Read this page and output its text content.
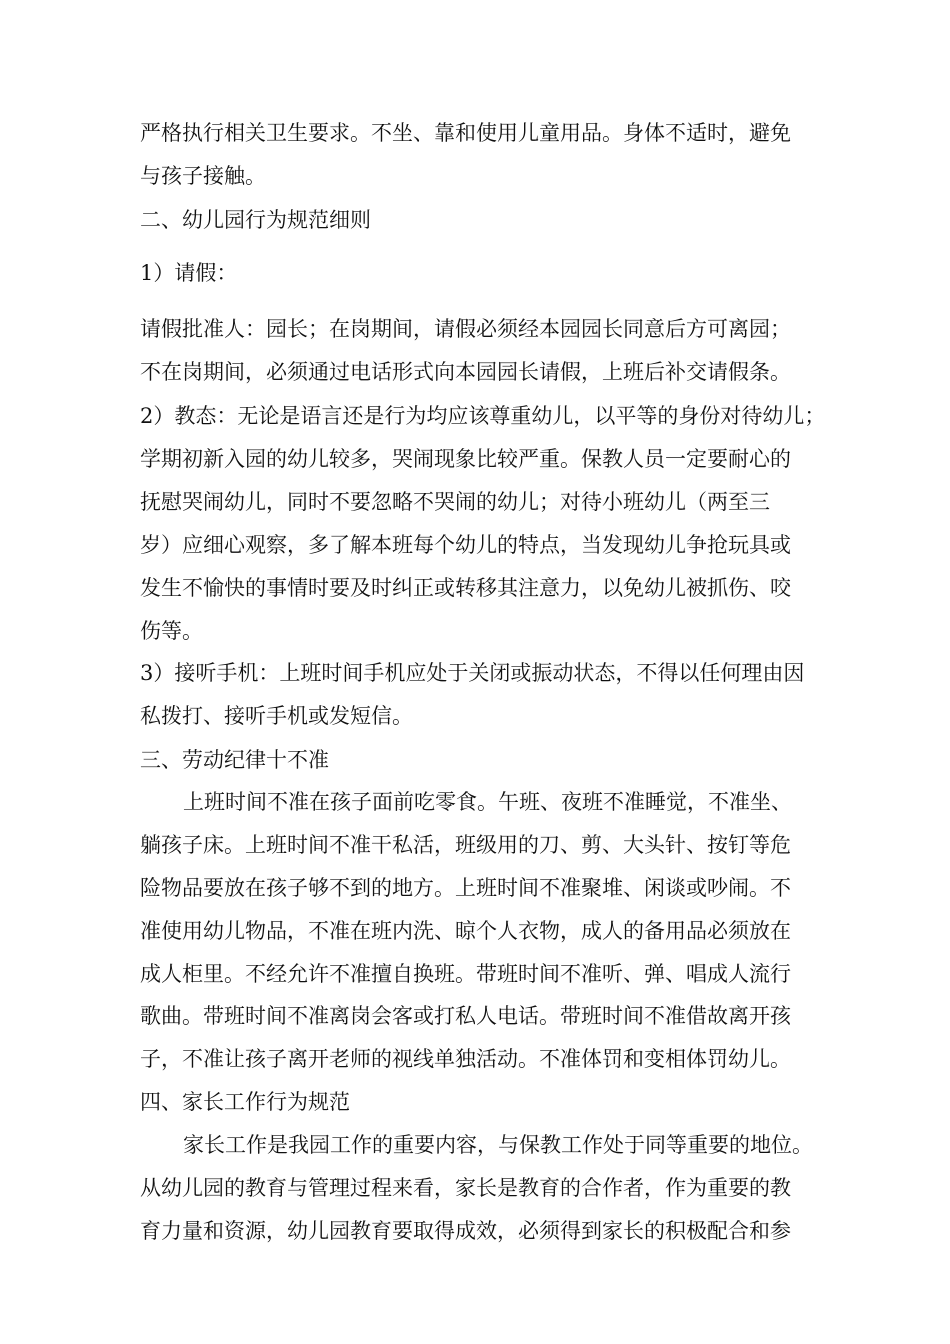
严格执行相关卫生要求。不坐、靠和使用儿童用品。身体不适时，避免
与孩子接触。
二、幼儿园行为规范细则
1）请假：
请假批准人：园长；在岗期间，请假必须经本园园长同意后方可离园；
不在岗期间，必须通过电话形式向本园园长请假，上班后补交请假条。
2）教态：无论是语言还是行为均应该尊重幼儿，以平等的身份对待幼儿；
学期初新入园的幼儿较多，哭闹现象比较严重。保教人员一定要耐心的
抚慰哭闹幼儿，同时不要忽略不哭闹的幼儿；对待小班幼儿（两至三
岁）应细心观察，多了解本班每个幼儿的特点，当发现幼儿争抢玩具或
发生不愉快的事情时要及时纠正或转移其注意力，以免幼儿被抓伤、咬
伤等。
3）接听手机：上班时间手机应处于关闭或振动状态，不得以任何理由因
私拨打、接听手机或发短信。
三、劳动纪律十不准
上班时间不准在孩子面前吃零食。午班、夜班不准睡觉，不准坐、
躺孩子床。上班时间不准干私活，班级用的刀、剪、大头针、按钉等危
险物品要放在孩子够不到的地方。上班时间不准聚堆、闲谈或吵闹。不
准使用幼儿物品，不准在班内洗、晾个人衣物，成人的备用品必须放在
成人柜里。不经允许不准擅自换班。带班时间不准听、弹、唱成人流行
歌曲。带班时间不准离岗会客或打私人电话。带班时间不准借故离开孩
子，不准让孩子离开老师的视线单独活动。不准体罚和变相体罚幼儿。
四、家长工作行为规范
家长工作是我园工作的重要内容，与保教工作处于同等重要的地位。
从幼儿园的教育与管理过程来看，家长是教育的合作者，作为重要的教
育力量和资源，幼儿园教育要取得成效，必须得到家长的积极配合和参
